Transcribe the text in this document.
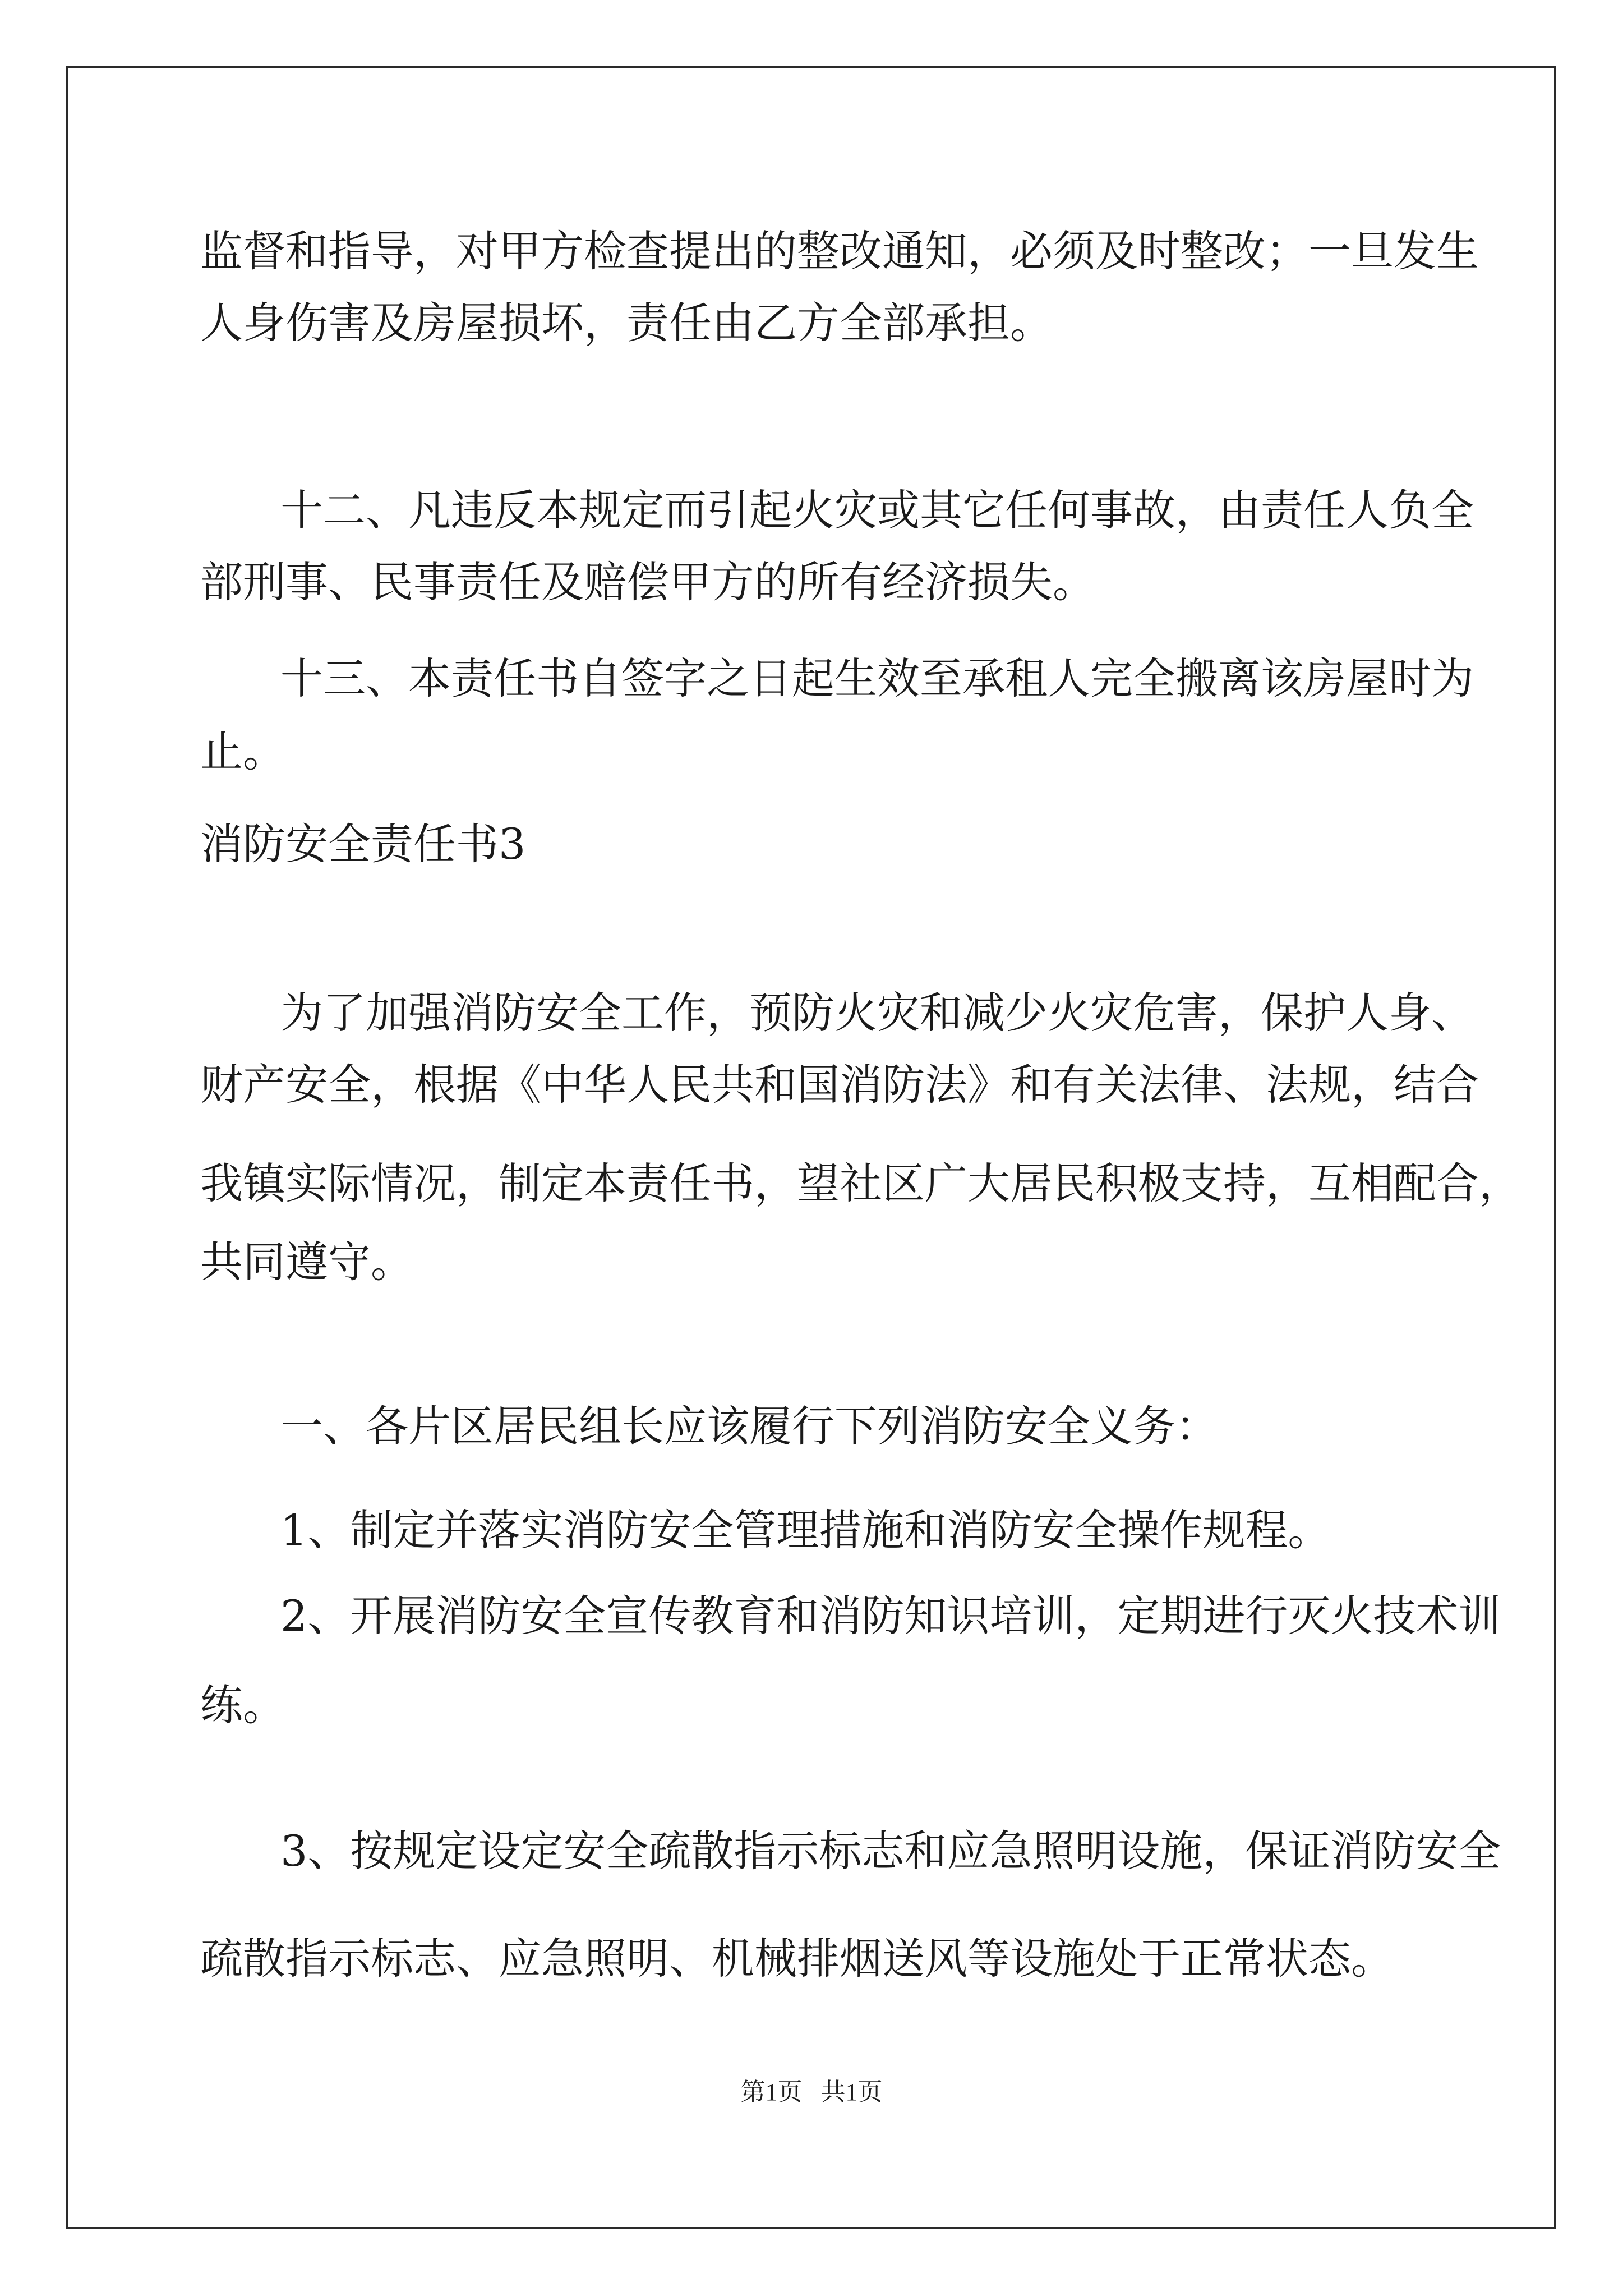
监督和指导，对甲方检查提出的整改通知，必须及时整改；一旦发生
人身伤害及房屋损坏，责任由乙方全部承担。
十二、凡违反本规定而引起火灾或其它任何事故，由责任人负全
部刑事、民事责任及赔偿甲方的所有经济损失。
十三、本责任书自签字之日起生效至承租人完全搬离该房屋时为
止。
消防安全责任书3
为了加强消防安全工作，预防火灾和减少火灾危害，保护人身、
财产安全，根据《中华人民共和国消防法》和有关法律、法规，结合
我镇实际情况，制定本责任书，望社区广大居民积极支持，互相配合，
共同遵守。
一、各片区居民组长应该履行下列消防安全义务：
1、制定并落实消防安全管理措施和消防安全操作规程。
2、开展消防安全宣传教育和消防知识培训，定期进行灭火技术训
练。
3、按规定设定安全疏散指示标志和应急照明设施，保证消防安全
疏散指示标志、应急照明、机械排烟送风等设施处于正常状态。
第1页   共1页
